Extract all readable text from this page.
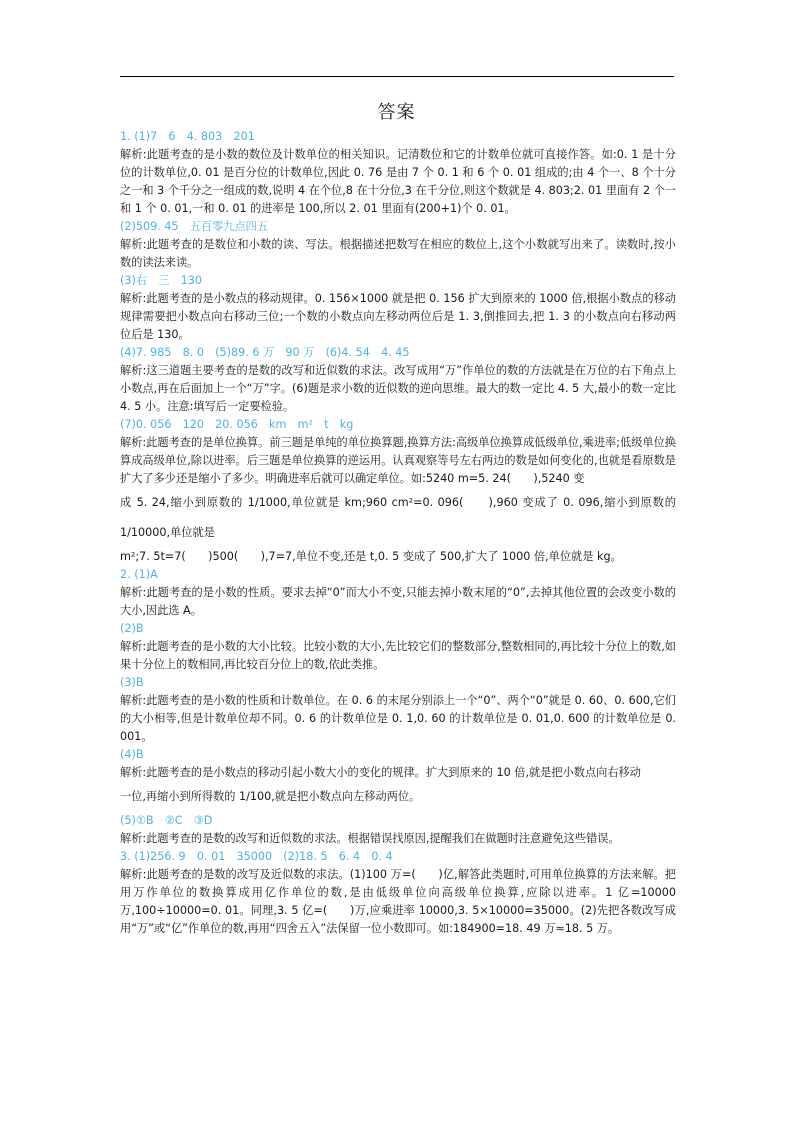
答案

1. (1)7　6　4. 803　201

解析:此题考查的是小数的数位及计数单位的相关知识。记清数位和它的计数单位就可直接作答。如:0. 1 是十分位的计数单位,0. 01 是百分位的计数单位,因此 0. 76 是由 7 个 0. 1 和 6 个 0. 01 组成的;由 4 个一、8 个十分之一和 3 个千分之一组成的数,说明 4 在个位,8 在十分位,3 在千分位,则这个数就是 4. 803;2. 01 里面有 2 个一和 1 个 0. 01,一和 0. 01 的进率是 100,所以 2. 01 里面有(200+1)个 0. 01。

(2)509. 45　五百零九点四五

解析:此题考查的是数位和小数的读、写法。根据描述把数写在相应的数位上,这个小数就写出来了。读数时,按小数的读法来读。

(3)右　三　130

解析:此题考查的是小数点的移动规律。0. 156×1000 就是把 0. 156 扩大到原来的 1000 倍,根据小数点的移动规律需要把小数点向右移动三位;一个数的小数点向左移动两位后是 1. 3,倒推回去,把 1. 3 的小数点向右移动两位后是 130。

(4)7. 985　8. 0　(5)89. 6 万　90 万　(6)4. 54　4. 45

解析:这三道题主要考查的是数的改写和近似数的求法。改写成用“万”作单位的数的方法就是在万位的右下角点上小数点,再在后面加上一个“万”字。(6)题是求小数的近似数的逆向思维。最大的数一定比 4. 5 大,最小的数一定比 4. 5 小。注意:填写后一定要检验。

(7)0. 056　120　20. 056　km　m²　t　kg

解析:此题考查的是单位换算。前三题是单纯的单位换算题,换算方法:高级单位换算成低级单位,乘进率;低级单位换算成高级单位,除以进率。后三题是单位换算的逆运用。认真观察等号左右两边的数是如何变化的,也就是看原数是扩大了多少还是缩小了多少。明确进率后就可以确定单位。如:5240 m=5. 24(　　),5240 变

成 5. 24,缩小到原数的 1/1000,单位就是 km;960 cm²=0. 096(　　),960 变成了 0. 096,缩小到原数的 1/10000,单位就是

m²;7. 5t=7(　　)500(　　),7=7,单位不变,还是 t,0. 5 变成了 500,扩大了 1000 倍,单位就是 kg。

2. (1)A

解析:此题考查的是小数的性质。要求去掉“0”而大小不变,只能去掉小数末尾的“0”,去掉其他位置的会改变小数的大小,因此选 A。

(2)B

解析:此题考查的是小数的大小比较。比较小数的大小,先比较它们的整数部分,整数相同的,再比较十分位上的数,如果十分位上的数相同,再比较百分位上的数,依此类推。

(3)B

解析:此题考查的是小数的性质和计数单位。在 0. 6 的末尾分别添上一个“0”、两个“0”就是 0. 60、0. 600,它们的大小相等,但是计数单位却不同。0. 6 的计数单位是 0. 1,0. 60 的计数单位是 0. 01,0. 600 的计数单位是 0. 001。

(4)B

解析:此题考查的是小数点的移动引起小数大小的变化的规律。扩大到原来的 10 倍,就是把小数点向右移动

一位,再缩小到所得数的 1/100,就是把小数点向左移动两位。

(5)①B　②C　③D

解析:此题考查的是数的改写和近似数的求法。根据错误找原因,提醒我们在做题时注意避免这些错误。

3. (1)256. 9　0. 01　35000　(2)18. 5　6. 4　0. 4

解析:此题考查的是数的改写及近似数的求法。(1)100 万=(　　)亿,解答此类题时,可用单位换算的方法来解。把用万作单位的数换算成用亿作单位的数,是由低级单位向高级单位换算,应除以进率。1 亿=10000 万,100÷10000=0. 01。同理,3. 5 亿=(　　)万,应乘进率 10000,3. 5×10000=35000。(2)先把各数改写成用“万”或“亿”作单位的数,再用“四舍五入”法保留一位小数即可。如:184900=18. 49 万≈18. 5 万。
